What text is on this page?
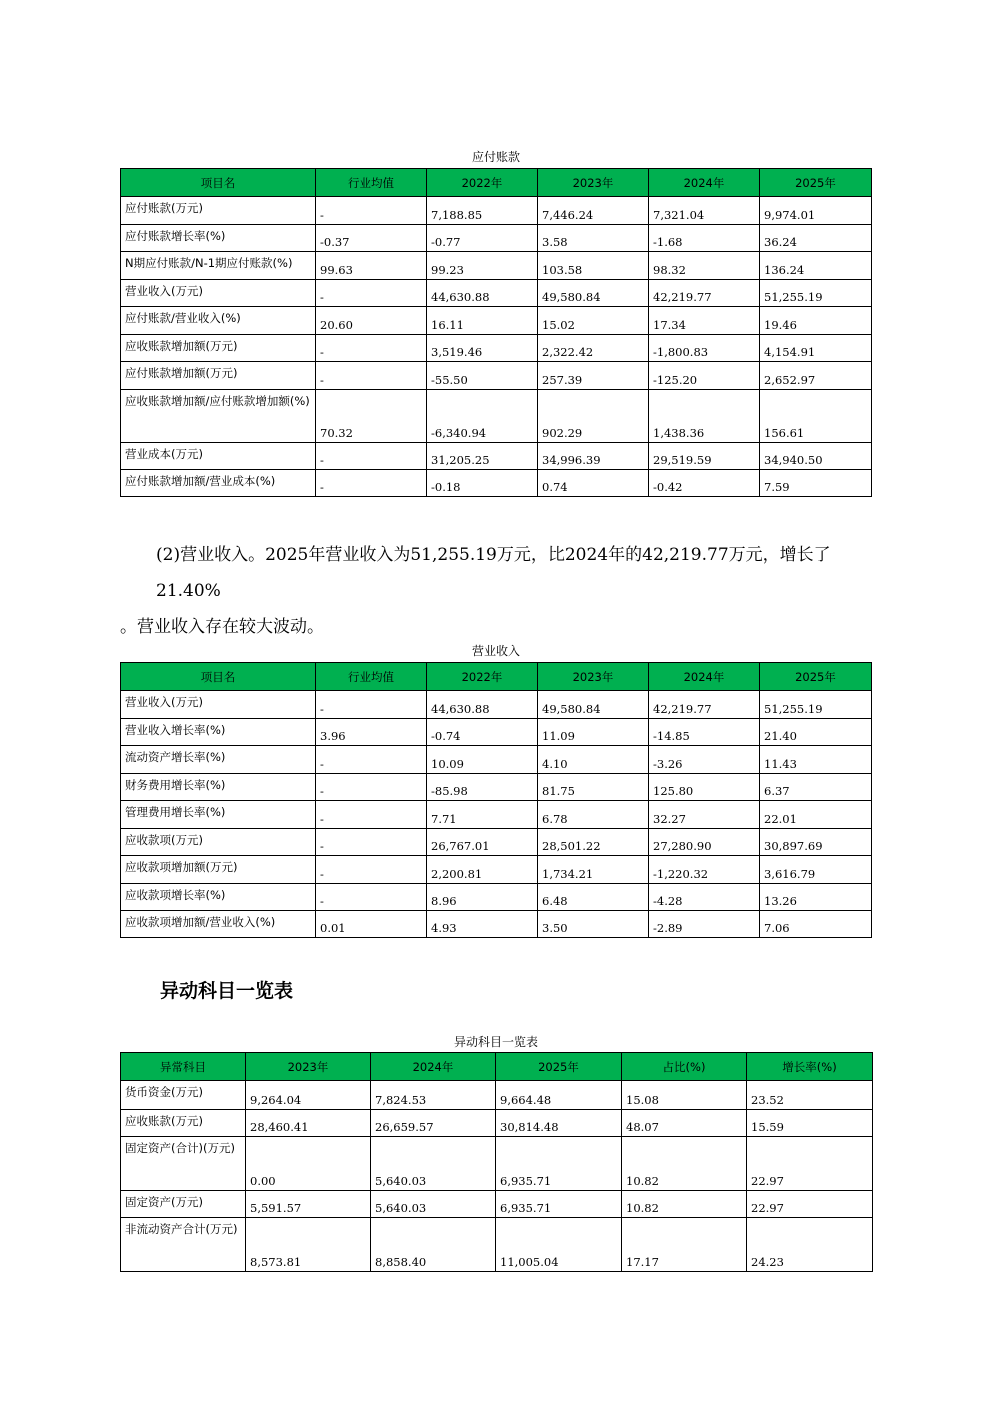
应付账款
项目名	行业均值	2022年	2023年	2024年	2025年
应付账款(万元)	-	7,188.85	7,446.24	7,321.04	9,974.01
应付账款增长率(%)	-0.37	-0.77	3.58	-1.68	36.24
N期应付账款/N-1期应付账款(%)	99.63	99.23	103.58	98.32	136.24
营业收入(万元)	-	44,630.88	49,580.84	42,219.77	51,255.19
应付账款/营业收入(%)	20.60	16.11	15.02	17.34	19.46
应收账款增加额(万元)	-	3,519.46	2,322.42	-1,800.83	4,154.91
应付账款增加额(万元)	-	-55.50	257.39	-125.20	2,652.97
应收账款增加额/应付账款增加额(%)	70.32	-6,340.94	902.29	1,438.36	156.61
营业成本(万元)	-	31,205.25	34,996.39	29,519.59	34,940.50
应付账款增加额/营业成本(%)	-	-0.18	0.74	-0.42	7.59
(2)营业收入。2025年营业收入为51,255.19万元，比2024年的42,219.77万元，增长了21.40%
。营业收入存在较大波动。
营业收入
项目名	行业均值	2022年	2023年	2024年	2025年
营业收入(万元)	-	44,630.88	49,580.84	42,219.77	51,255.19
营业收入增长率(%)	3.96	-0.74	11.09	-14.85	21.40
流动资产增长率(%)	-	10.09	4.10	-3.26	11.43
财务费用增长率(%)	-	-85.98	81.75	125.80	6.37
管理费用增长率(%)	-	7.71	6.78	32.27	22.01
应收款项(万元)	-	26,767.01	28,501.22	27,280.90	30,897.69
应收款项增加额(万元)	-	2,200.81	1,734.21	-1,220.32	3,616.79
应收款项增长率(%)	-	8.96	6.48	-4.28	13.26
应收款项增加额/营业收入(%)	0.01	4.93	3.50	-2.89	7.06
异动科目一览表
异动科目一览表
异常科目	2023年	2024年	2025年	占比(%)	增长率(%)
货币资金(万元)	9,264.04	7,824.53	9,664.48	15.08	23.52
应收账款(万元)	28,460.41	26,659.57	30,814.48	48.07	15.59
固定资产(合计)(万元)	0.00	5,640.03	6,935.71	10.82	22.97
固定资产(万元)	5,591.57	5,640.03	6,935.71	10.82	22.97
非流动资产合计(万元)	8,573.81	8,858.40	11,005.04	17.17	24.23
